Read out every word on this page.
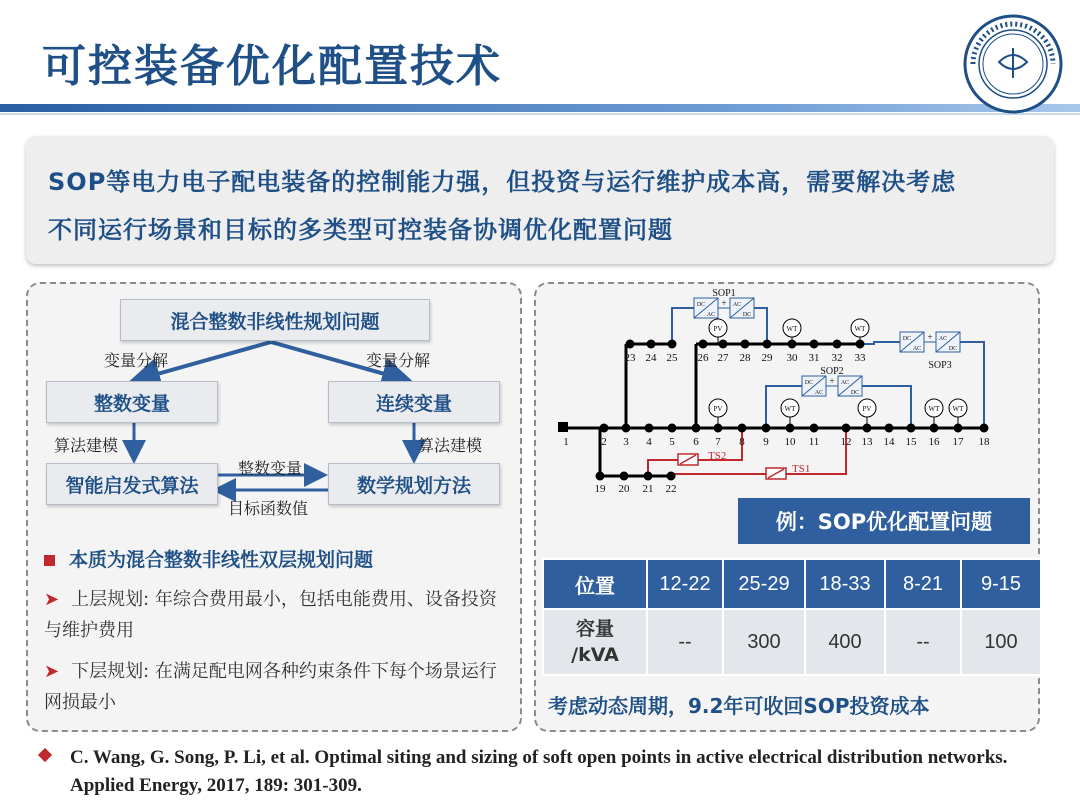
可控装备优化配置技术

SOP等电力电子配电装备的控制能力强，但投资与运行维护成本高，需要解决考虑

不同运行场景和目标的多类型可控装备协调优化配置问题

混合整数非线性规划问题
变量分解	变量分解
整数变量	连续变量
算法建模	算法建模
智能启发式算法	数学规划方法
整数变量
目标函数值
本质为混合整数非线性双层规划问题
➤ 上层规划: 年综合费用最小，包括电能费用、设备投资与维护费用
➤ 下层规划: 在满足配电网各种约束条件下每个场景运行网损最小
TS2
TS1
DC
AC
AC
DC
+
SOP1
DC
AC
AC
DC
+
SOP2
DC
AC
AC
DC
+
SOP3
PV	WT	WT
PV	WT	PV	WT WT
1	2 3 4 5 6 7 8 9 10 11 12 13 14 15 16 17 18
23 24 25 26 27 28 29 30 31 32 33
19 20 21 22
例：SOP优化配置问题
位置	12-22	25-29	18-33	8-21	9-15
容量
/kVA	--	300	400	--	100
考虑动态周期，9.2年可收回SOP投资成本
C. Wang, G. Song, P. Li, et al. Optimal siting and sizing of soft open points in active electrical distribution networks. Applied Energy, 2017, 189: 301-309.
